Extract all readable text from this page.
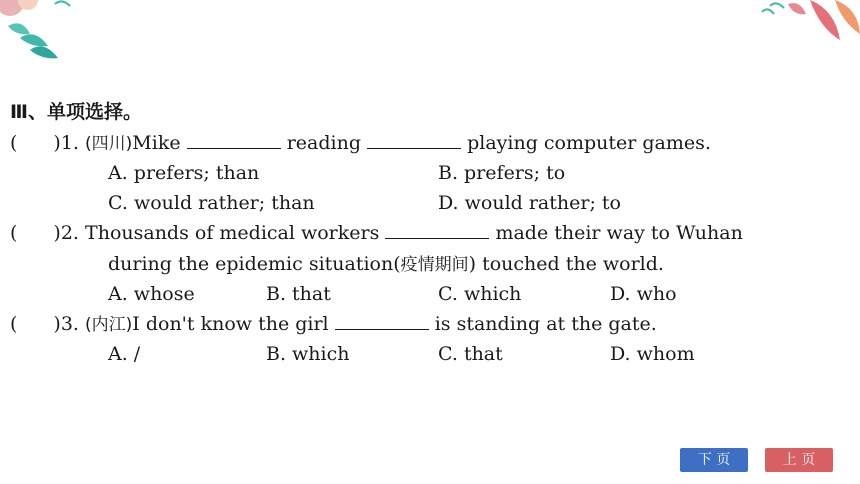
Ⅲ、单项选择。
( )1. (四川)Mike	reading	playing computer games.
A. prefers; than	B. prefers; to
C. would rather; than	D. would rather; to
( )2. Thousands of medical workers	made their way to Wuhan
during the epidemic situation(疫情期间) touched the world.
A. whose	B. that	C. which	D. who
( )3. (内江)I don't know the girl	is standing at the gate.
A. /	B. which	C. that	D. whom
下 页	上 页
